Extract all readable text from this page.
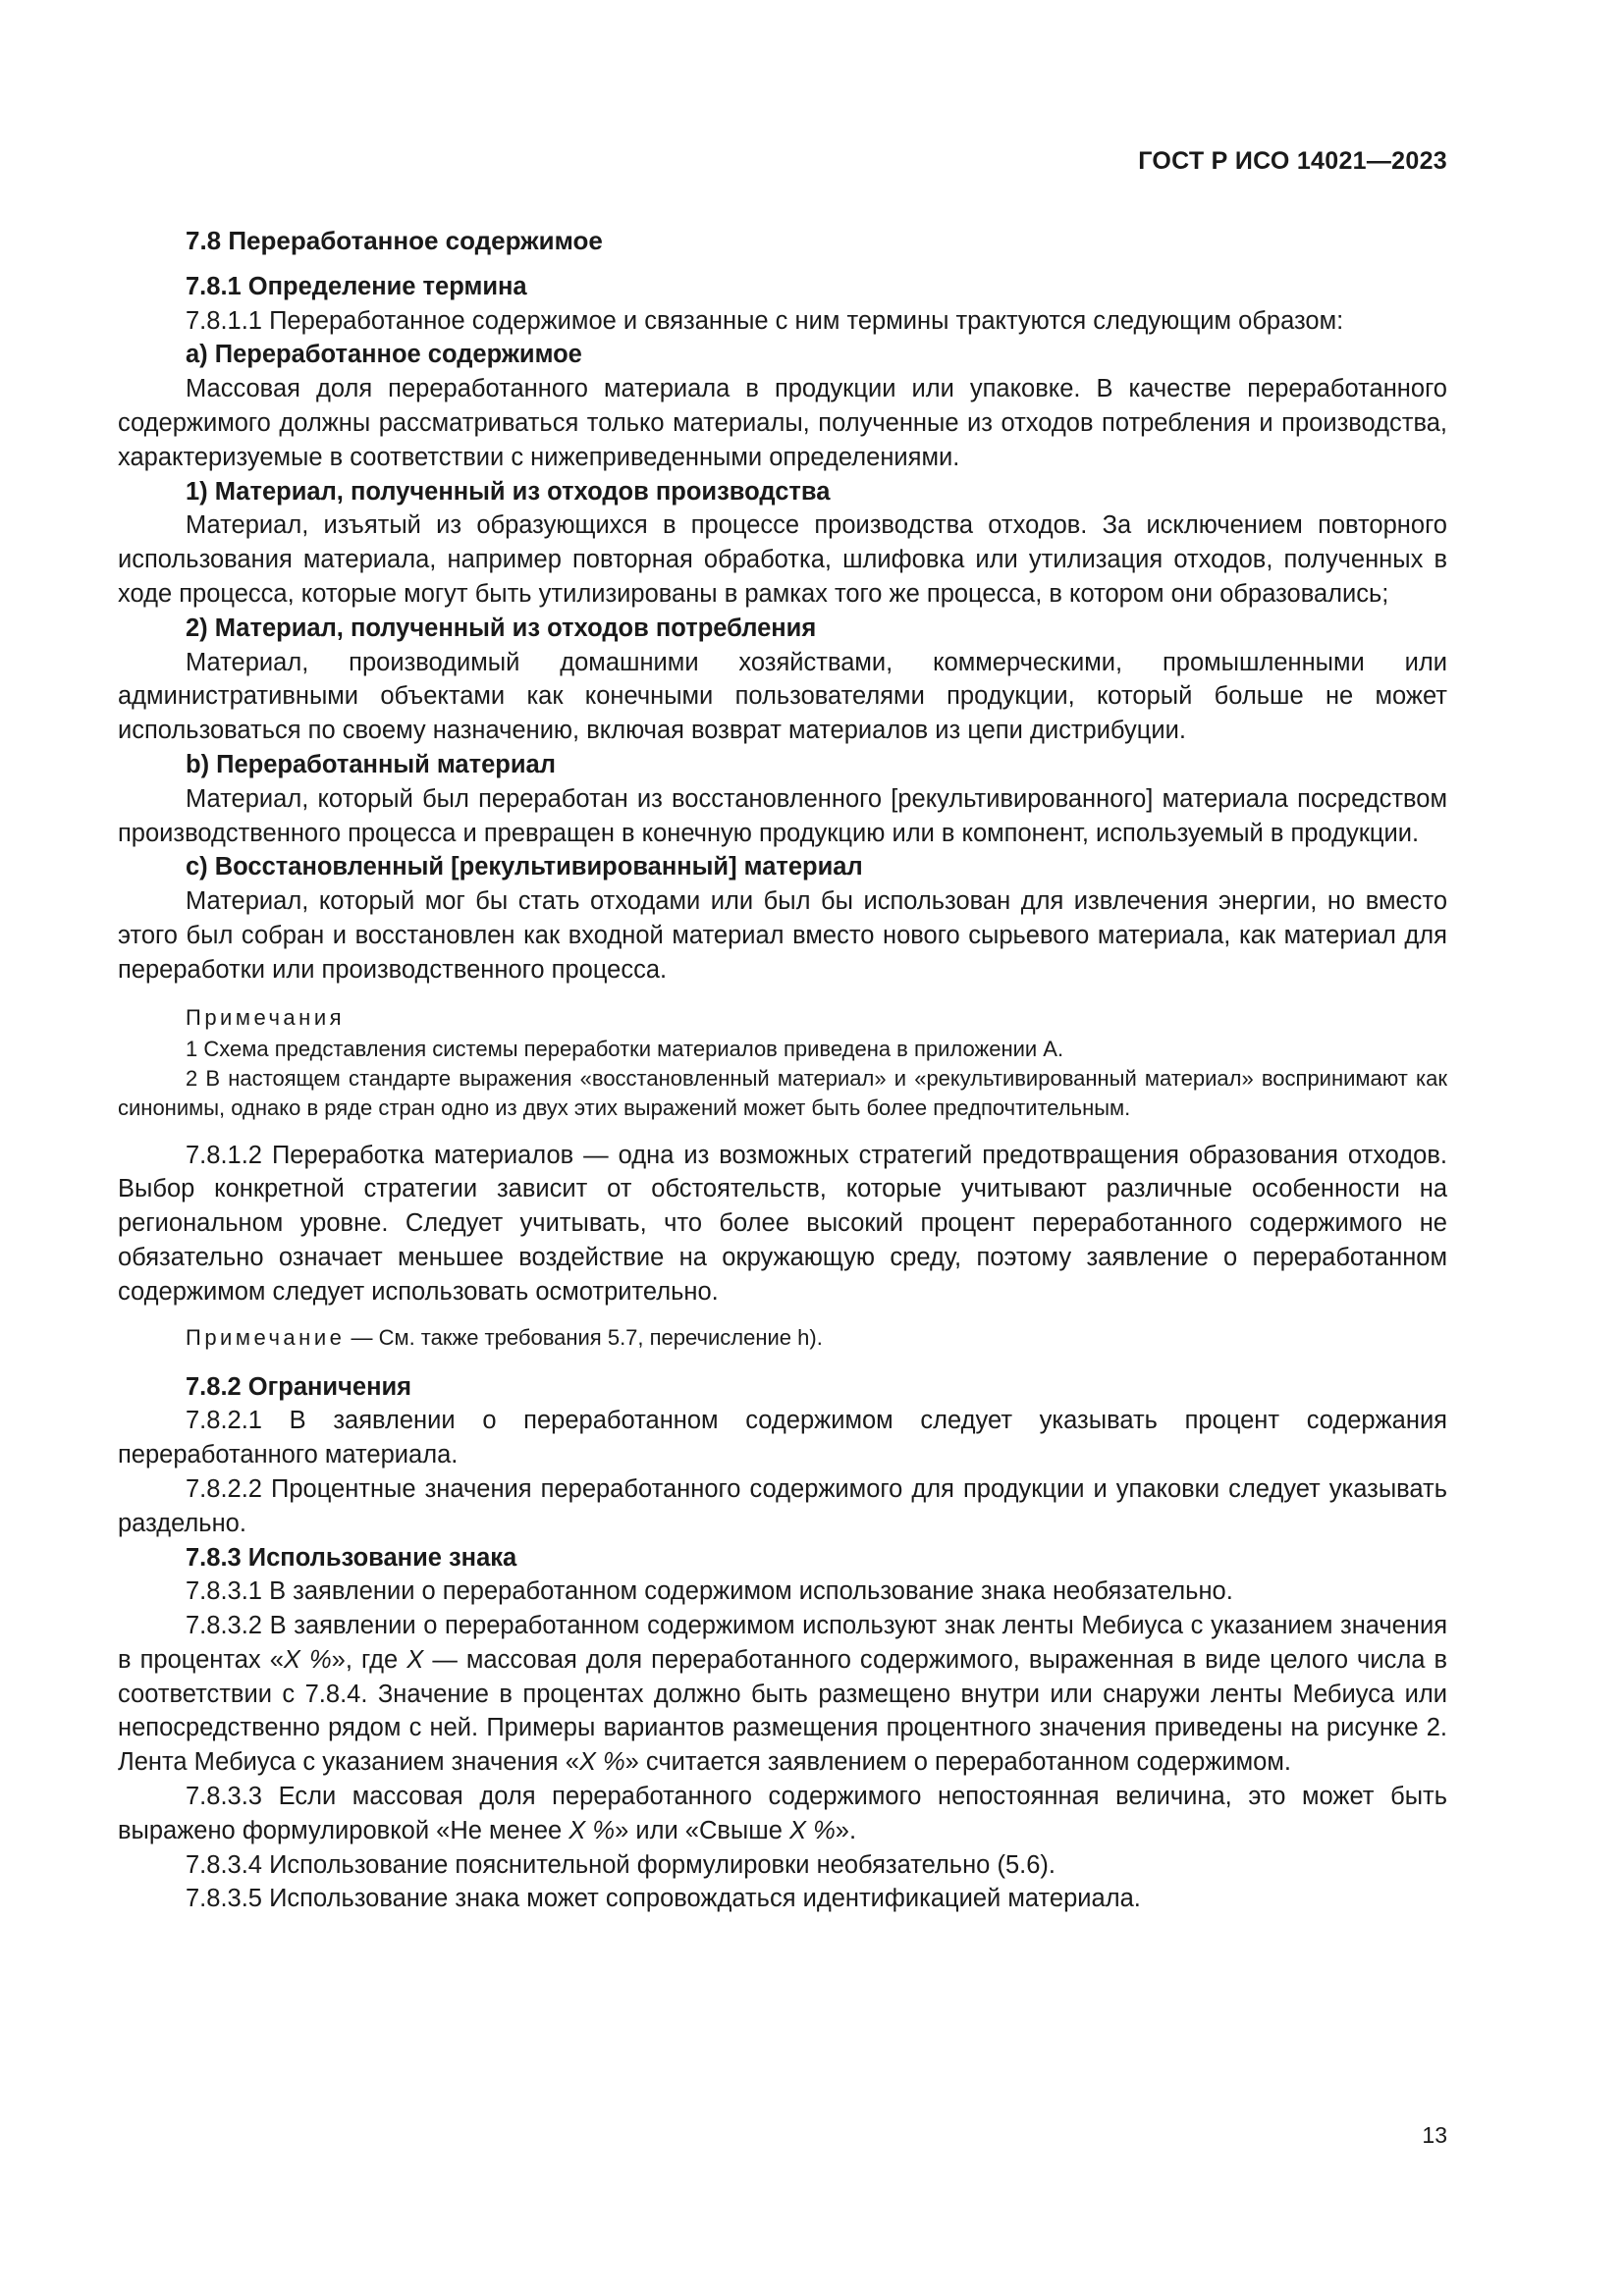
ГОСТ Р ИСО 14021—2023
7.8 Переработанное содержимое
7.8.1 Определение термина

7.8.1.1 Переработанное содержимое и связанные с ним термины трактуются следующим образом:

a) Переработанное содержимое

Массовая доля переработанного материала в продукции или упаковке. В качестве переработанного содержимого должны рассматриваться только материалы, полученные из отходов потребления и производства, характеризуемые в соответствии с нижеприведенными определениями.

1) Материал, полученный из отходов производства

Материал, изъятый из образующихся в процессе производства отходов. За исключением повторного использования материала, например повторная обработка, шлифовка или утилизация отходов, полученных в ходе процесса, которые могут быть утилизированы в рамках того же процесса, в котором они образовались;

2) Материал, полученный из отходов потребления

Материал, производимый домашними хозяйствами, коммерческими, промышленными или административными объектами как конечными пользователями продукции, который больше не может использоваться по своему назначению, включая возврат материалов из цепи дистрибуции.

b) Переработанный материал

Материал, который был переработан из восстановленного [рекультивированного] материала посредством производственного процесса и превращен в конечную продукцию или в компонент, используемый в продукции.

c) Восстановленный [рекультивированный] материал

Материал, который мог бы стать отходами или был бы использован для извлечения энергии, но вместо этого был собран и восстановлен как входной материал вместо нового сырьевого материала, как материал для переработки или производственного процесса.

Примечания

1 Схема представления системы переработки материалов приведена в приложении А.

2 В настоящем стандарте выражения «восстановленный материал» и «рекультивированный материал» воспринимают как синонимы, однако в ряде стран одно из двух этих выражений может быть более предпочтительным.

7.8.1.2 Переработка материалов — одна из возможных стратегий предотвращения образования отходов. Выбор конкретной стратегии зависит от обстоятельств, которые учитывают различные особенности на региональном уровне. Следует учитывать, что более высокий процент переработанного содержимого не обязательно означает меньшее воздействие на окружающую среду, поэтому заявление о переработанном содержимом следует использовать осмотрительно.

Примечание — См. также требования 5.7, перечисление h).
7.8.2 Ограничения

7.8.2.1 В заявлении о переработанном содержимом следует указывать процент содержания переработанного материала.

7.8.2.2 Процентные значения переработанного содержимого для продукции и упаковки следует указывать раздельно.

7.8.3 Использование знака

7.8.3.1 В заявлении о переработанном содержимом использование знака необязательно.

7.8.3.2 В заявлении о переработанном содержимом используют знак ленты Мебиуса с указанием значения в процентах «X %», где X — массовая доля переработанного содержимого, выраженная в виде целого числа в соответствии с 7.8.4. Значение в процентах должно быть размещено внутри или снаружи ленты Мебиуса или непосредственно рядом с ней. Примеры вариантов размещения процентного значения приведены на рисунке 2. Лента Мебиуса с указанием значения «X %» считается заявлением о переработанном содержимом.

7.8.3.3 Если массовая доля переработанного содержимого непостоянная величина, это может быть выражено формулировкой «Не менее X %» или «Свыше X %».

7.8.3.4 Использование пояснительной формулировки необязательно (5.6).

7.8.3.5 Использование знака может сопровождаться идентификацией материала.

13
